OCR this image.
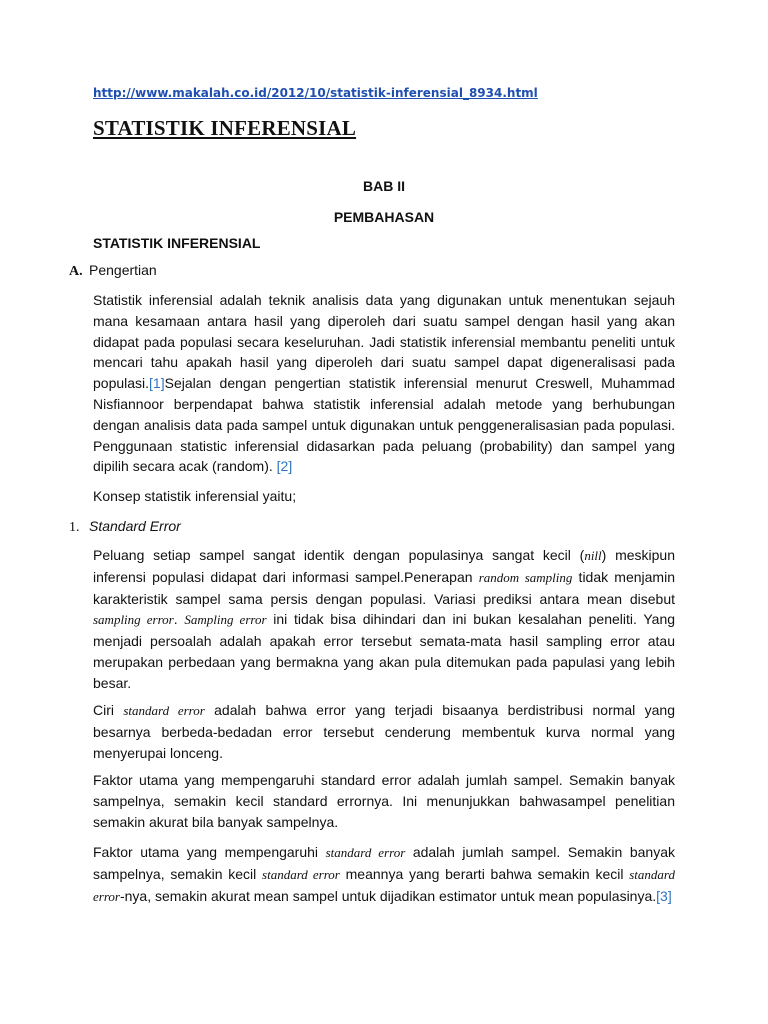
http://www.makalah.co.id/2012/10/statistik-inferensial_8934.html
STATISTIK INFERENSIAL
BAB II
PEMBAHASAN
STATISTIK INFERENSIAL
A. Pengertian
Statistik inferensial adalah teknik analisis data yang digunakan untuk menentukan sejauh mana kesamaan antara hasil yang diperoleh dari suatu sampel dengan hasil yang akan didapat pada populasi secara keseluruhan. Jadi statistik inferensial membantu peneliti untuk mencari tahu apakah hasil yang diperoleh dari suatu sampel dapat digeneralisasi pada populasi.[1]Sejalan dengan pengertian statistik inferensial menurut Creswell, Muhammad Nisfiannoor berpendapat bahwa statistik inferensial adalah metode yang berhubungan dengan analisis data pada sampel untuk digunakan untuk penggeneralisasian pada populasi. Penggunaan statistic inferensial didasarkan pada peluang (probability) dan sampel yang dipilih secara acak (random). [2]
Konsep statistik inferensial yaitu;
1. Standard Error
Peluang setiap sampel sangat identik dengan populasinya sangat kecil (nill) meskipun inferensi populasi didapat dari informasi sampel.Penerapan random sampling tidak menjamin karakteristik sampel sama persis dengan populasi. Variasi prediksi antara mean disebut sampling error. Sampling error ini tidak bisa dihindari dan ini bukan kesalahan peneliti. Yang menjadi persoalah adalah apakah error tersebut semata-mata hasil sampling error atau merupakan perbedaan yang bermakna yang akan pula ditemukan pada papulasi yang lebih besar.
Ciri standard error adalah bahwa error yang terjadi bisaanya berdistribusi normal yang besarnya berbeda-bedadan error tersebut cenderung membentuk kurva normal yang menyerupai lonceng.
Faktor utama yang mempengaruhi standard error adalah jumlah sampel. Semakin banyak sampelnya, semakin kecil standard errornya. Ini menunjukkan bahwasampel penelitian semakin akurat bila banyak sampelnya.
Faktor utama yang mempengaruhi standard error adalah jumlah sampel. Semakin banyak sampelnya, semakin kecil standard error meannya yang berarti bahwa semakin kecil standard error-nya, semakin akurat mean sampel untuk dijadikan estimator untuk mean populasinya.[3]
